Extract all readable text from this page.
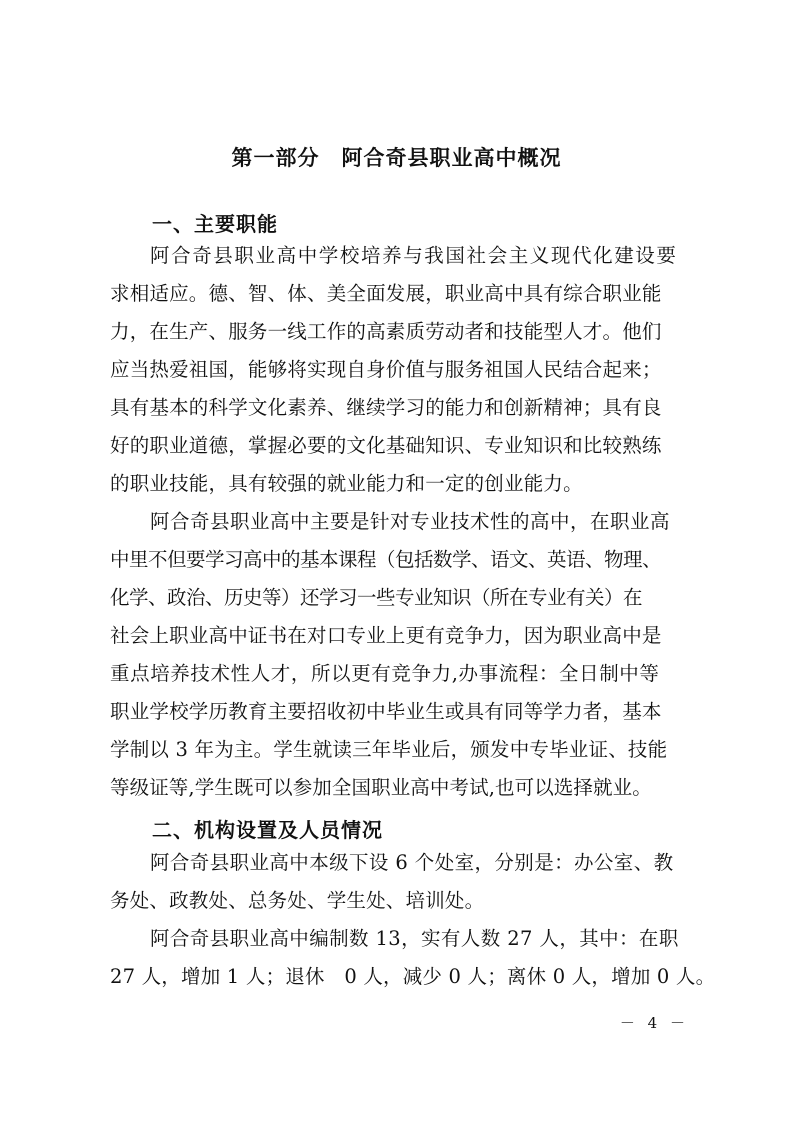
第一部分　阿合奇县职业高中概况
一、主要职能
阿合奇县职业高中学校培养与我国社会主义现代化建设要
求相适应。德、智、体、美全面发展，职业高中具有综合职业能
力，在生产、服务一线工作的高素质劳动者和技能型人才。他们
应当热爱祖国，能够将实现自身价值与服务祖国人民结合起来；
具有基本的科学文化素养、继续学习的能力和创新精神；具有良
好的职业道德，掌握必要的文化基础知识、专业知识和比较熟练
的职业技能，具有较强的就业能力和一定的创业能力。
阿合奇县职业高中主要是针对专业技术性的高中，在职业高
中里不但要学习高中的基本课程（包括数学、语文、英语、物理、
化学、政治、历史等）还学习一些专业知识（所在专业有关）在
社会上职业高中证书在对口专业上更有竞争力，因为职业高中是
重点培养技术性人才，所以更有竞争力,办事流程：全日制中等
职业学校学历教育主要招收初中毕业生或具有同等学力者，基本
学制以 3 年为主。学生就读三年毕业后，颁发中专毕业证、技能
等级证等,学生既可以参加全国职业高中考试,也可以选择就业。
二、机构设置及人员情况
阿合奇县职业高中本级下设 6 个处室，分别是：办公室、教
务处、政教处、总务处、学生处、培训处。
阿合奇县职业高中编制数 13，实有人数 27 人，其中：在职
27 人，增加 1 人；退休　0 人，减少 0 人；离休 0 人，增加 0 人。
－ 4 －
